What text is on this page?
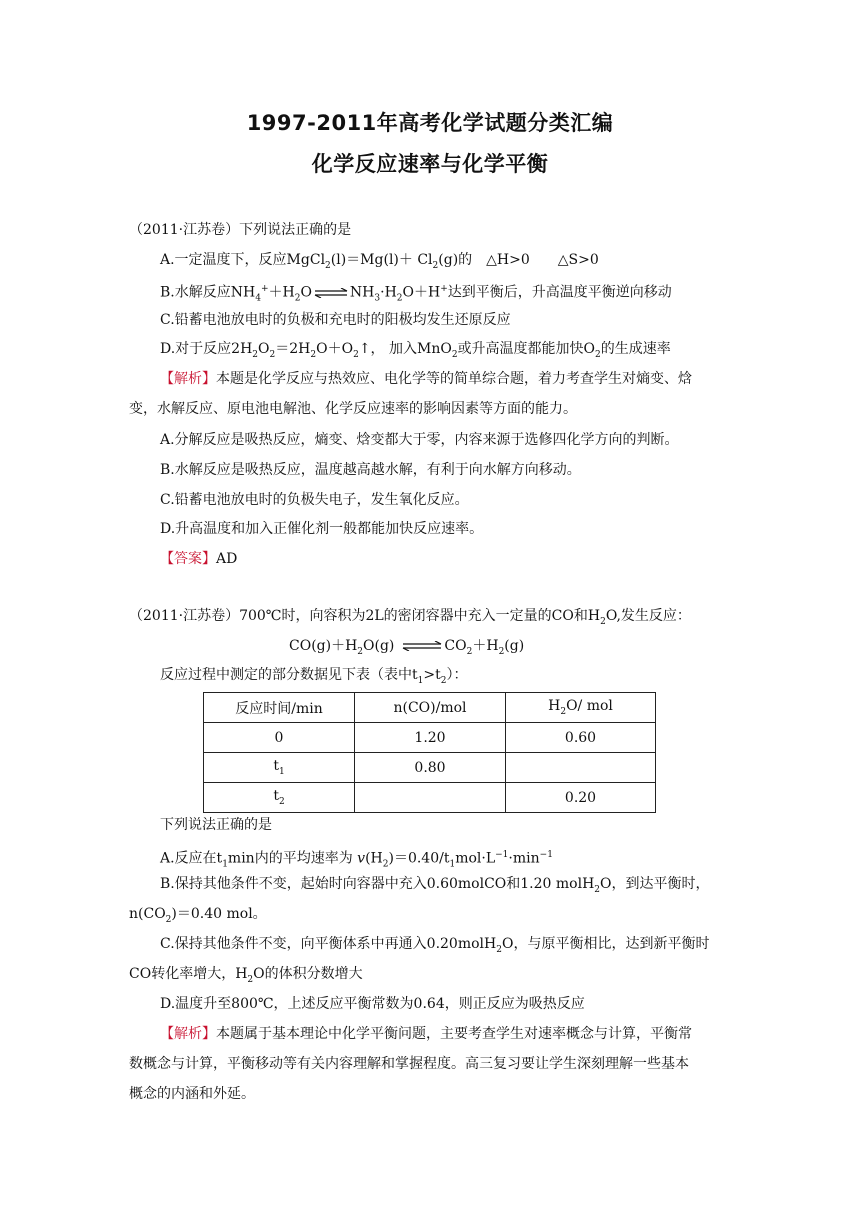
1997-2011年高考化学试题分类汇编
化学反应速率与化学平衡
（2011·江苏卷）下列说法正确的是
A.一定温度下，反应MgCl$_2$(l)＝Mg(l)＋ $Cl_2(g)$的　△H>0　　△S>0
B.水解反应$NH_4^++H_2O$ ⇌ $NH_3\cdot H_2O+H^+$达到平衡后，升高温度平衡逆向移动
C.铅蓄电池放电时的负极和充电时的阳极均发生还原反应
D.对于反应$2H_2O_2=2H_2O+O_2↑$， 加入MnO$_2$或升高温度都能加快$O_2$的生成速率
【解析】本题是化学反应与热效应、电化学等的简单综合题，着力考查学生对熵变、焓
变，水解反应、原电池电解池、化学反应速率的影响因素等方面的能力。
A.分解反应是吸热反应，熵变、焓变都大于零，内容来源于选修四化学方向的判断。
B.水解反应是吸热反应，温度越高越水解，有利于向水解方向移动。
C.铅蓄电池放电时的负极失电子，发生氧化反应。
D.升高温度和加入正催化剂一般都能加快反应速率。
【答案】AD
（2011·江苏卷）700℃时，向容积为2L的密闭容器中充入一定量的CO和$H_2O$,发生反应：
$CO(g)+H_2O(g)$ ⇌ $CO_2+H_2(g)$
反应过程中测定的部分数据见下表（表中$t_1>t_2$）：
反应时间/min	n(CO)/mol	$H_2O/$ mol
0	1.20	0.60
$t_1$	0.80	
$t_2$		0.20
下列说法正确的是
A.反应在$t_1\min$内的平均速率为 $v(H_2)=0.40/t_1mol\cdot L^{-1}\cdot\min^{-1}$
B.保持其他条件不变，起始时向容器中充入0.60molCO和1.20 molH$_2$O，到达平衡时，
$n(CO_2)=0.40$ mol。
C.保持其他条件不变，向平衡体系中再通入0.20molH$_2$O，与原平衡相比，达到新平衡时
CO转化率增大，$H_2O$的体积分数增大
D.温度升至800℃，上述反应平衡常数为0.64，则正反应为吸热反应
【解析】本题属于基本理论中化学平衡问题，主要考查学生对速率概念与计算，平衡常
数概念与计算，平衡移动等有关内容理解和掌握程度。高三复习要让学生深刻理解一些基本
概念的内涵和外延。
